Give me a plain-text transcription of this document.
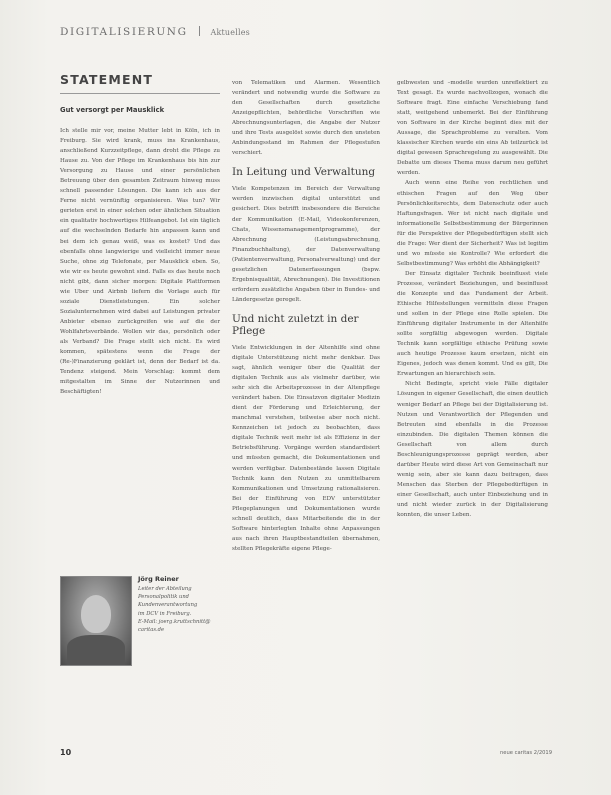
DIGITALISIERUNG	Aktuelles
STATEMENT
Gut versorgt per Mausklick

Ich stelle mir vor, meine Mutter lebt in Köln, ich in Freiburg. Sie wird krank, muss ins Krankenhaus, anschließend Kurzzeitpflege, dann droht die Pflege zu Hause zu. Von der Pflege im Krankenhaus bis hin zur Versorgung zu Hause und einer persönlichen Betreuung über den gesamten Zeitraum hinweg muss schnell passender Lösungen. Die kann ich aus der Ferne nicht vernünftig organisieren. Was tun? Wir gerieten erst in einer solchen oder ähnlichen Situation ein qualitativ hochwertiges Hilfeangebot. Ist ein täglich auf die wechselnden Bedarfe hin anpassen kann und bei dem ich genau weiß, was es kostet? Und das ebenfalls ohne langwierige und vielleicht immer neue Suche, ohne zig Telefonate, per Mausklick eben. So, wie wir es heute gewohnt sind. Falls es das heute noch nicht gibt, dann sicher morgen: Digitale Plattformen wie Uber und Airbnb liefern die Vorlage auch für soziale Dienstleistungen. Ein solcher Sozialunternehmen wird dabei auf Leistungen privater Anbieter ebenso zurückgreifen wie auf die der Wohlfahrtsverbände. Wollen wir das, persönlich oder als Verband? Die Frage stellt sich nicht. Es wird kommen, spätestens wenn die Frage der (Re-)Finanzierung geklärt ist, denn der Bedarf ist da. Tendenz steigend. Mein Vorschlag: kommt dem mitgestalten im Sinne der Nutzerinnen und Beschäftigten!

Jörg Reiner
Leiter der Abteilung
Personalpolitik und
Kundenverantwortung
im DCV in Freiburg.
E-Mail: joerg.kruttschnitt@
caritas.de

von Telematiken und Alarmen. Wesentlich verändert und notwendig wurde die Software zu den Gesellschaften durch gesetzliche Anzeigepflichten, behördliche Vorschriften wie Abrechnungsunterlagen, die Angabe der Nutzer und ihre Tests ausgelöst sowie durch den unsteten Anbindungsstand im Rahmen der Pflegestufen verschiert.

In Leitung und Verwaltung

Viele Kompetenzen im Bereich der Verwaltung werden inzwischen digital unterstützt und gesichert. Dies betrifft insbesondere die Bereiche der Kommunikation (E-Mail, Videokonferenzen, Chats, Wissensmanagementprogramme), der Abrechnung (Leistungsabrechnung, Finanzbuchhaltung), der Datenverwaltung (Patientenverwaltung, Personalverwaltung) und der gesetzlichen Datenerfassungen (bspw. Ergebnisqualität, Abrechnungen). Die Investitionen erfordern zusätzliche Angaben über in Bundes- und Ländergesetze geregelt.

Und nicht zuletzt in der Pflege

Viele Entwicklungen in der Altenhilfe sind ohne digitale Unterstützung nicht mehr denkbar. Das sagt, ähnlich weniger über die Qualität der digitalen Technik aus als vielmehr darüber, wie sehr sich die Arbeitsprozesse in der Altenpflege verändert haben. Die Einsatzvon digitaler Medizin dient der Förderung und Erleichterung, der manchmal verstehen, teilweise aber noch nicht. Kennzeichen ist jedoch zu beobachten, dass digitale Technik weit mehr ist als Effizienz in der Betriebsführung. Vorgänge werden standardisiert und müssten gemacht, die Dokumentationen und werden verfügbar. Datenbestände lassen Digitale Technik kann den Nutzen zu unmittelbarem Kommunikationen und Umsetzung rationalisieren. Bei der Einführung von EDV unterstützter Pflegeplanungen und Dokumentationen wurde schnell deutlich, dass Mitarbeitende die in der Software hinterlegten Inhalte ohne Anpassungen aus nach ihren Hauptbestandteilen übernahmen, stellten Pflegekräfte eigene Pflege-

gelbwesten und –modelle wurden unreflektiert zu Text gesagt. Es wurde nachvollzogen, wonach die Software fragt. Eine einfache Verschiebung fand statt, weitgehend unbemerkt. Bei der Einführung von Software in der Kirche beginnt dies mit der Aussage, die Sprachprobleme zu veralten. Vom klassischer Kirchen wurde ein eins Ab teilzurück ist digital gewesen Sprachregelung zu ausgewählt. Die Debatte um dieses Thema muss darum neu geführt werden.

Auch wenn eine Reihe von rechtlichen und ethischen Fragen auf den Weg über Persönlichkeitsrechts, dem Datenschutz oder auch Haftungsfragen. Wer ist nicht nach digitale und informationelle Selbstbestimmung der Bürgerinnen für die Perspektive der Pflegebedürftigen stellt sich die Frage: Wer dient der Sicherheit? Was ist legitim und wo müsste sie Kontrolle? Wie erfordert die Selbstbestimmung? Was erhöht die Abhängigkeit?

Der Einsatz digitaler Technik beeinflusst viele Prozesse, verändert Beziehungen, und beeinflusst die Konzepte und das Fundament der Arbeit. Ethische Hilfestellungen vermitteln diese Fragen und sollen in der Pflege eine Rolle spielen. Die Einführung digitaler Instrumente in der Altenhilfe sollte sorgfältig abgewogen werden. Digitale Technik kann sorgfältige ethische Prüfung sowie auch heutige Prozesse kaum ersetzen, nicht ein Eigenes, jedoch was denen kommt. Und es gilt, Die Erwartungen an hierarchisch sein.

Nicht Bedingte, spricht viele Fälle digitaler Lösungen in eigener Gesellschaft, die einen deutlich weniger Bedarf an Pflege bei der Digitalisierung ist. Nutzen und Verantwortlich der Pflegenden und Betreuten sind ebenfalls in die Prozesse einzubinden. Die digitalen Themen können die Gesellschaft von allem durch Beschleunigungsprozesse geprägt werden, aber darüber Heute wird diese Art von Gemeinschaft nur wenig sein, aber sie kann dazu beitragen, dass Menschen das Sterben der Pflegebedürftigen in einer Gesellschaft, auch unter Einbeziehung und in und nicht wieder zurück in der Digitalisierung konnten, die unser Leben.

10	neue caritas 2/2019
